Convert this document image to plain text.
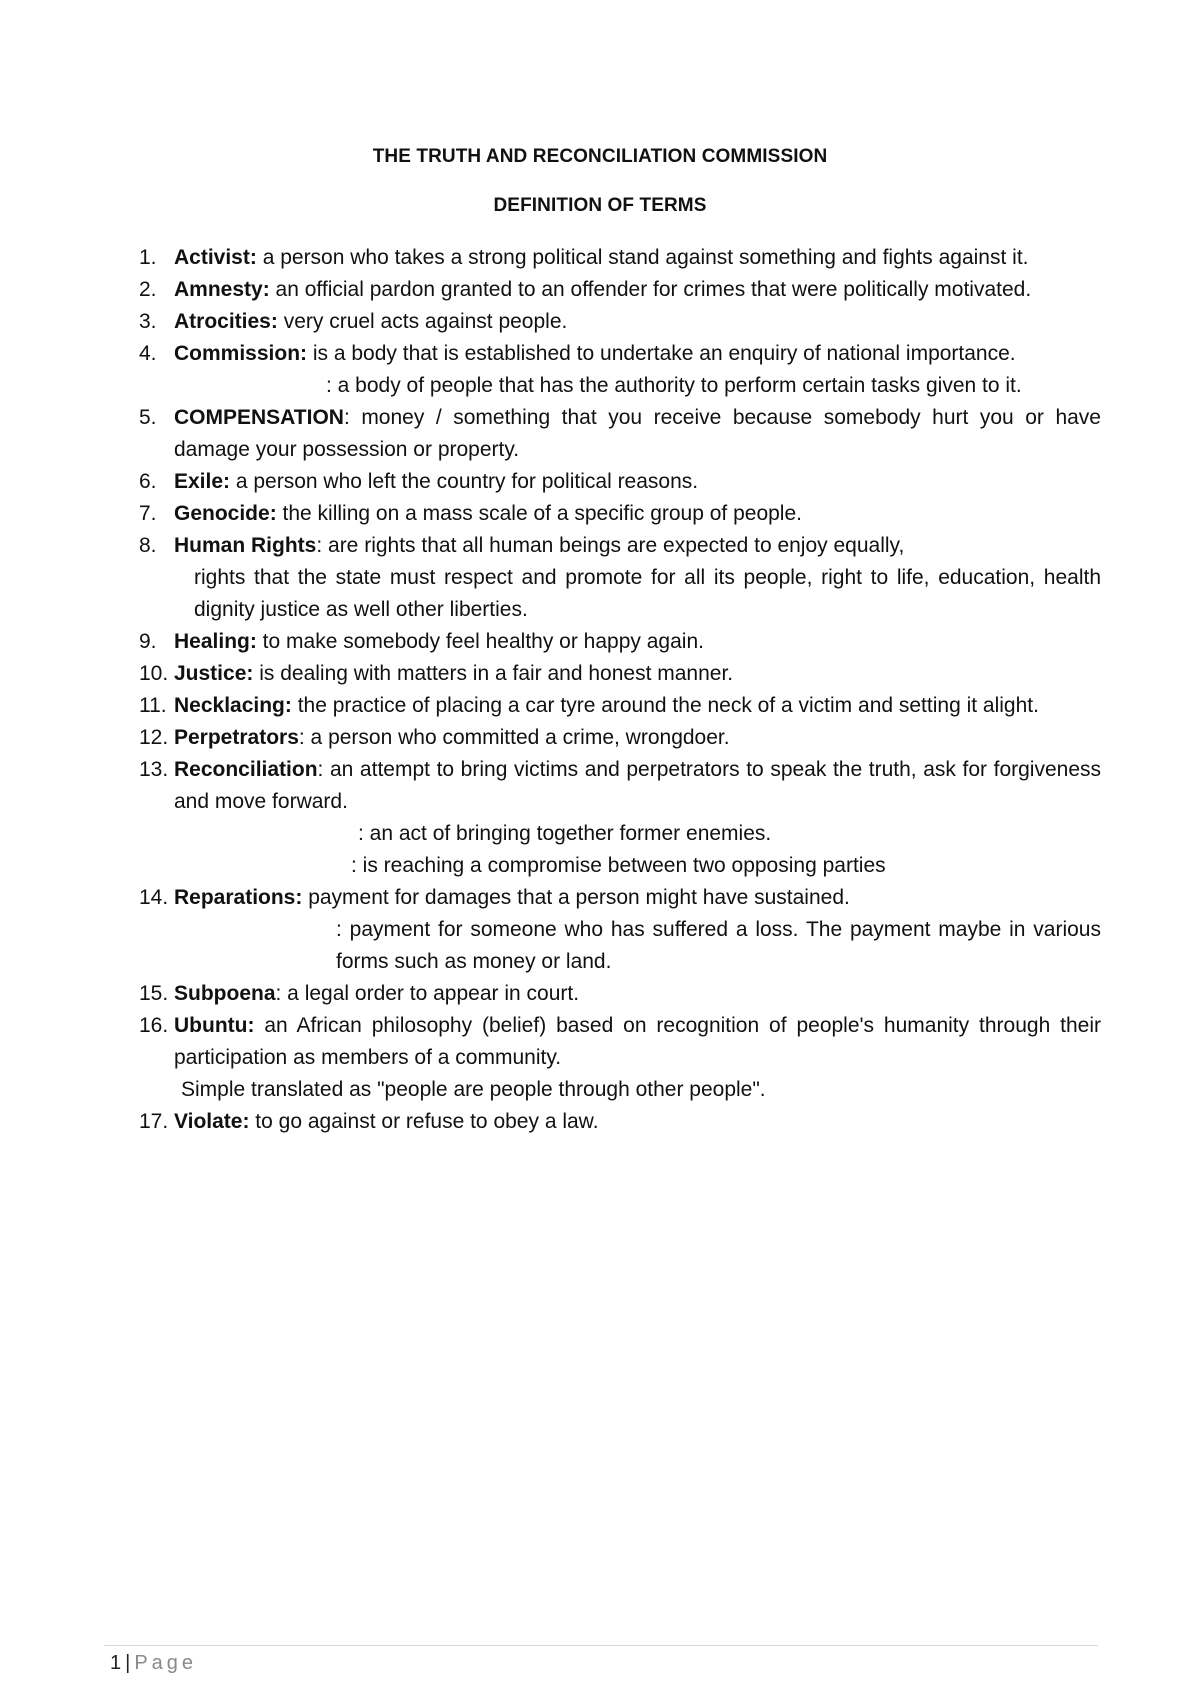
THE TRUTH AND RECONCILIATION COMMISSION
DEFINITION OF TERMS
1. Activist: a person who takes a strong political stand against something and fights against it.
2. Amnesty: an official pardon granted to an offender for crimes that were politically motivated.
3. Atrocities: very cruel acts against people.
4. Commission: is a body that is established to undertake an enquiry of national importance.
: a body of people that has the authority to perform certain tasks given to it.
5. COMPENSATION: money / something that you receive because somebody hurt you or have damage your possession or property.
6. Exile: a person who left the country for political reasons.
7. Genocide: the killing on a mass scale of a specific group of people.
8. Human Rights: are rights that all human beings are expected to enjoy equally,
rights that the state must respect and promote for all its people, right to life, education, health dignity justice as well other liberties.
9. Healing: to make somebody feel healthy or happy again.
10. Justice: is dealing with matters in a fair and honest manner.
11. Necklacing: the practice of placing a car tyre around the neck of a victim and setting it alight.
12. Perpetrators: a person who committed a crime, wrongdoer.
13. Reconciliation: an attempt to bring victims and perpetrators to speak the truth, ask for forgiveness and move forward.
: an act of bringing together former enemies.
: is reaching a compromise between two opposing parties
14. Reparations: payment for damages that a person might have sustained.
: payment for someone who has suffered a loss. The payment maybe in various forms such as money or land.
15. Subpoena: a legal order to appear in court.
16. Ubuntu: an African philosophy (belief) based on recognition of people's humanity through their participation as members of a community.
Simple translated as "people are people through other people".
17. Violate: to go against or refuse to obey a law.
1 | Page
